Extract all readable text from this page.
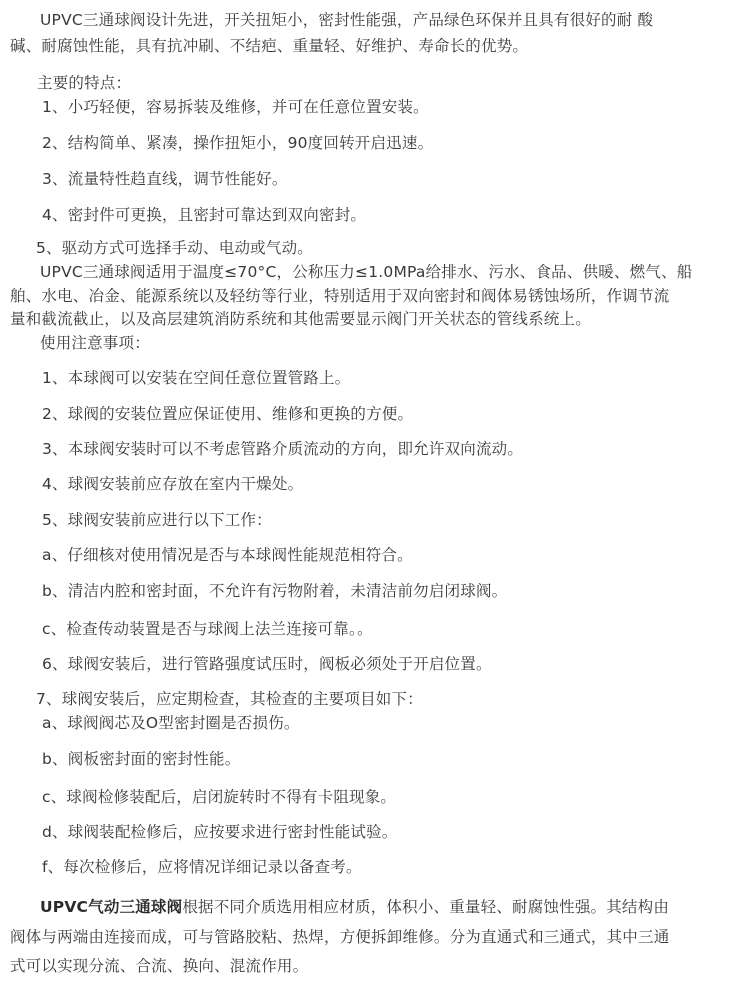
UPVC三通球阀设计先进，开关扭矩小，密封性能强，产品绿色环保并且具有很好的耐 酸
碱、耐腐蚀性能，具有抗冲刷、不结疤、重量轻、好维护、寿命长的优势。
主要的特点：
1、小巧轻便，容易拆装及维修，并可在任意位置安装。
2、结构简单、紧凑，操作扭矩小，90度回转开启迅速。
3、流量特性趋直线，调节性能好。
4、密封件可更换，且密封可靠达到双向密封。
5、驱动方式可选择手动、电动或气动。
UPVC三通球阀适用于温度≤70°C，公称压力≤1.0MPa给排水、污水、食品、供暖、燃气、船
舶、水电、冶金、能源系统以及轻纺等行业，特别适用于双向密封和阀体易锈蚀场所，作调节流
量和截流截止，以及高层建筑消防系统和其他需要显示阀门开关状态的管线系统上。
使用注意事项：
1、本球阀可以安装在空间任意位置管路上。
2、球阀的安装位置应保证使用、维修和更换的方便。
3、本球阀安装时可以不考虑管路介质流动的方向，即允许双向流动。
4、球阀安装前应存放在室内干燥处。
5、球阀安装前应进行以下工作：
a、仔细核对使用情况是否与本球阀性能规范相符合。
b、清洁内腔和密封面，不允许有污物附着，未清洁前勿启闭球阀。
c、检查传动装置是否与球阀上法兰连接可靠。。
6、球阀安装后，进行管路强度试压时，阀板必须处于开启位置。
7、球阀安装后，应定期检查，其检查的主要项目如下：
a、球阀阀芯及O型密封圈是否损伤。
b、阀板密封面的密封性能。
c、球阀检修装配后，启闭旋转时不得有卡阻现象。
d、球阀装配检修后，应按要求进行密封性能试验。
f、每次检修后，应将情况详细记录以备查考。
UPVC气动三通球阀根据不同介质选用相应材质，体积小、重量轻、耐腐蚀性强。其结构由
阀体与两端由连接而成，可与管路胶粘、热焊，方便拆卸维修。分为直通式和三通式，其中三通
式可以实现分流、合流、换向、混流作用。
